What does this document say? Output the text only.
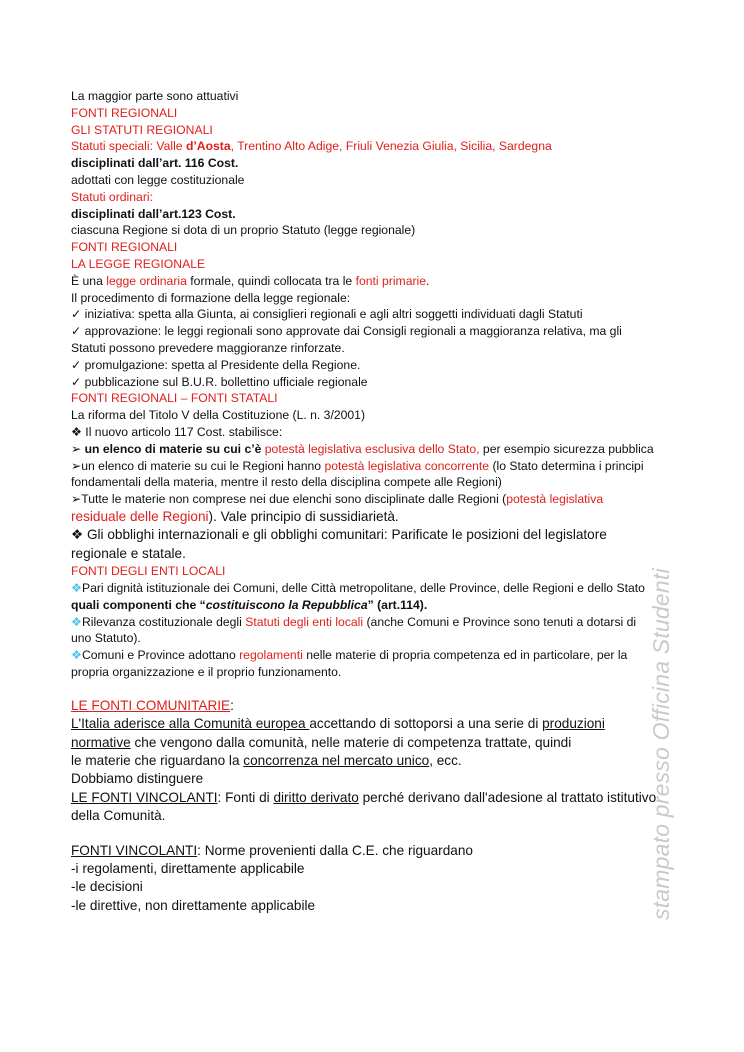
stampato presso Officina Studenti
La maggior parte sono attuativi
FONTI REGIONALI
GLI STATUTI REGIONALI
Statuti speciali: Valle d’Aosta, Trentino Alto Adige, Friuli Venezia Giulia, Sicilia, Sardegna
disciplinati dall’art. 116 Cost.
adottati con legge costituzionale
Statuti ordinari:
disciplinati dall’art.123 Cost.
ciascuna Regione si dota di un proprio Statuto (legge regionale)
FONTI REGIONALI
LA LEGGE REGIONALE
È una legge ordinaria formale, quindi collocata tra le fonti primarie.
Il procedimento di formazione della legge regionale:
✓ iniziativa: spetta alla Giunta, ai consiglieri regionali e agli altri soggetti individuati dagli Statuti
✓ approvazione: le leggi regionali sono approvate dai Consigli regionali a maggioranza relativa, ma gli
Statuti possono prevedere maggioranze rinforzate.
✓ promulgazione: spetta al Presidente della Regione.
✓ pubblicazione sul B.U.R. bollettino ufficiale regionale
FONTI REGIONALI – FONTI STATALI
La riforma del Titolo V della Costituzione (L. n. 3/2001)
❖ Il nuovo articolo 117 Cost. stabilisce:
➢ un elenco di materie su cui c’è potestà legislativa esclusiva dello Stato, per esempio sicurezza pubblica
➢un elenco di materie su cui le Regioni hanno potestà legislativa concorrente (lo Stato determina i principi
fondamentali della materia, mentre il resto della disciplina compete alle Regioni)
➢Tutte le materie non comprese nei due elenchi sono disciplinate dalle Regioni (potestà legislativa
residuale delle Regioni). Vale principio di sussidiarietà.
❖ Gli obblighi internazionali e gli obblighi comunitari: Parificate le posizioni del legislatore
regionale e statale.
FONTI DEGLI ENTI LOCALI
❖Pari dignità istituzionale dei Comuni, delle Città metropolitane, delle Province, delle Regioni e dello Stato
quali componenti che “costituiscono la Repubblica” (art.114).
❖Rilevanza costituzionale degli Statuti degli enti locali (anche Comuni e Province sono tenuti a dotarsi di
uno Statuto).
❖Comuni e Province adottano regolamenti nelle materie di propria competenza ed in particolare, per la
propria organizzazione e il proprio funzionamento.
LE FONTI COMUNITARIE:
L'Italia aderisce alla Comunità europea accettando di sottoporsi a una serie di produzioni
normative che vengono dalla comunità, nelle materie di competenza trattate, quindi
le materie che riguardano la concorrenza nel mercato unico, ecc.
Dobbiamo distinguere
LE FONTI VINCOLANTI: Fonti di diritto derivato perché derivano dall'adesione al trattato istitutivo
della Comunità.
FONTI VINCOLANTI: Norme provenienti dalla C.E. che riguardano
-i regolamenti, direttamente applicabile
-le decisioni
-le direttive, non direttamente applicabile
